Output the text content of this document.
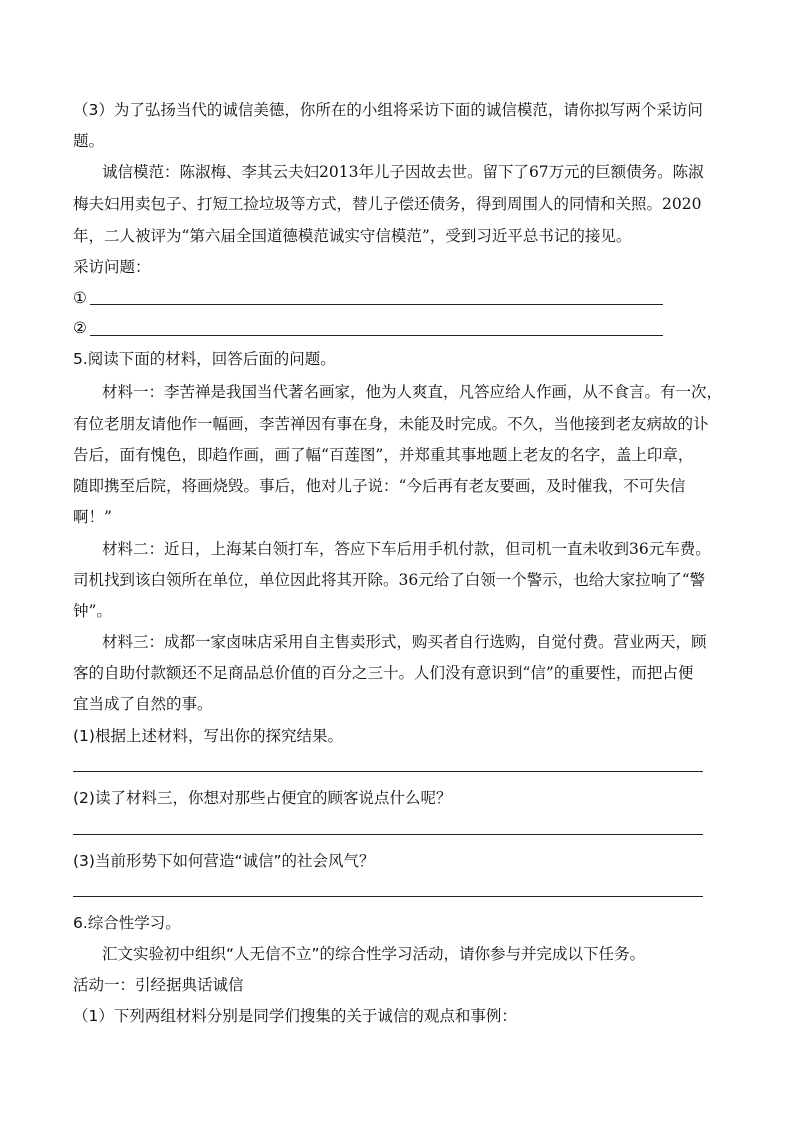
（3）为了弘扬当代的诚信美德，你所在的小组将采访下面的诚信模范，请你拟写两个采访问
题。
诚信模范：陈淑梅、李其云夫妇2013年儿子因故去世。留下了67万元的巨额债务。陈淑
梅夫妇用卖包子、打短工捡垃圾等方式，替儿子偿还债务，得到周围人的同情和关照。2020
年，二人被评为“第六届全国道德模范诚实守信模范”，受到习近平总书记的接见。
采访问题：
①
②
5.阅读下面的材料，回答后面的问题。
材料一：李苦禅是我国当代著名画家，他为人爽直，凡答应给人作画，从不食言。有一次，
有位老朋友请他作一幅画，李苦禅因有事在身，未能及时完成。不久，当他接到老友病故的讣
告后，面有愧色，即趋作画，画了幅“百莲图”，并郑重其事地题上老友的名字，盖上印章，
随即携至后院，将画烧毁。事后，他对儿子说：“今后再有老友要画，及时催我，不可失信
啊！”
材料二：近日，上海某白领打车，答应下车后用手机付款，但司机一直未收到36元车费。
司机找到该白领所在单位，单位因此将其开除。36元给了白领一个警示，也给大家拉响了“警
钟”。
材料三：成都一家卤味店采用自主售卖形式，购买者自行选购，自觉付费。营业两天，顾
客的自助付款额还不足商品总价值的百分之三十。人们没有意识到“信”的重要性，而把占便
宜当成了自然的事。
(1)根据上述材料，写出你的探究结果。
(2)读了材料三，你想对那些占便宜的顾客说点什么呢？
(3)当前形势下如何营造“诚信”的社会风气？
6.综合性学习。
汇文实验初中组织“人无信不立”的综合性学习活动，请你参与并完成以下任务。
活动一：引经据典话诚信
（1）下列两组材料分别是同学们搜集的关于诚信的观点和事例：
